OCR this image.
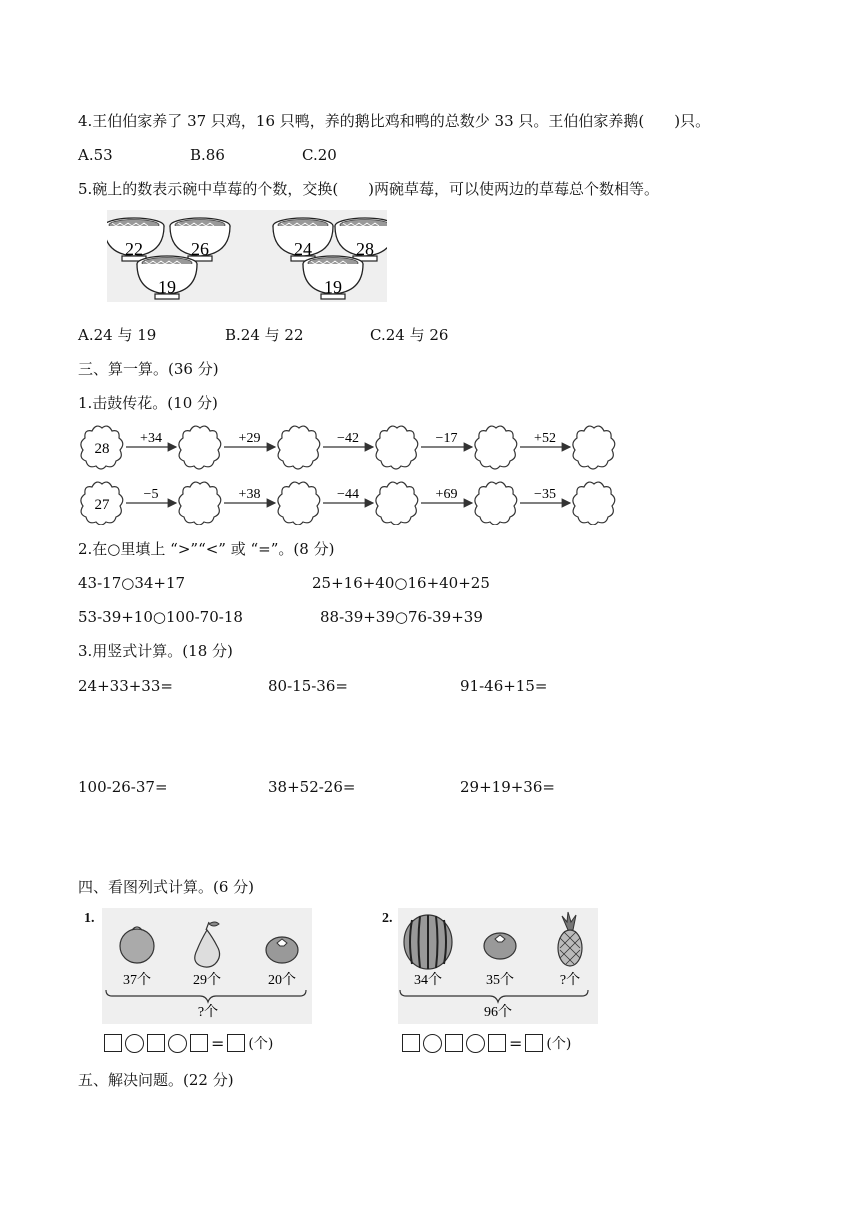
4.王伯伯家养了 37 只鸡，16 只鸭，养的鹅比鸡和鸭的总数少 33 只。王伯伯家养鹅(　　)只。
A.53	B.86	C.20
5.碗上的数表示碗中草莓的个数，交换(　　)两碗草莓，可以使两边的草莓总个数相等。
22	26
19
24 28
19
A.24 与 19	B.24 与 22	C.24 与 26
三、算一算。(36 分)
1.击鼓传花。(10 分)
28
+34	+29	−42	−17	+52
27
−5	+38	−44	+69	−35
2.在○里填上 “>”“<” 或 “=”。(8 分)
43-17○34+17	25+16+40○16+40+25
53-39+10○100-70-18	88-39+39○76-39+39
3.用竖式计算。(18 分)
24+33+33=	80-15-36=	91-46+15=
100-26-37=	38+52-26=	29+19+36=
四、看图列式计算。(6 分)
1.
37个	29个	20个
?个
= (个)
2.
34个	35个	?个
96个
= (个)
五、解决问题。(22 分)
